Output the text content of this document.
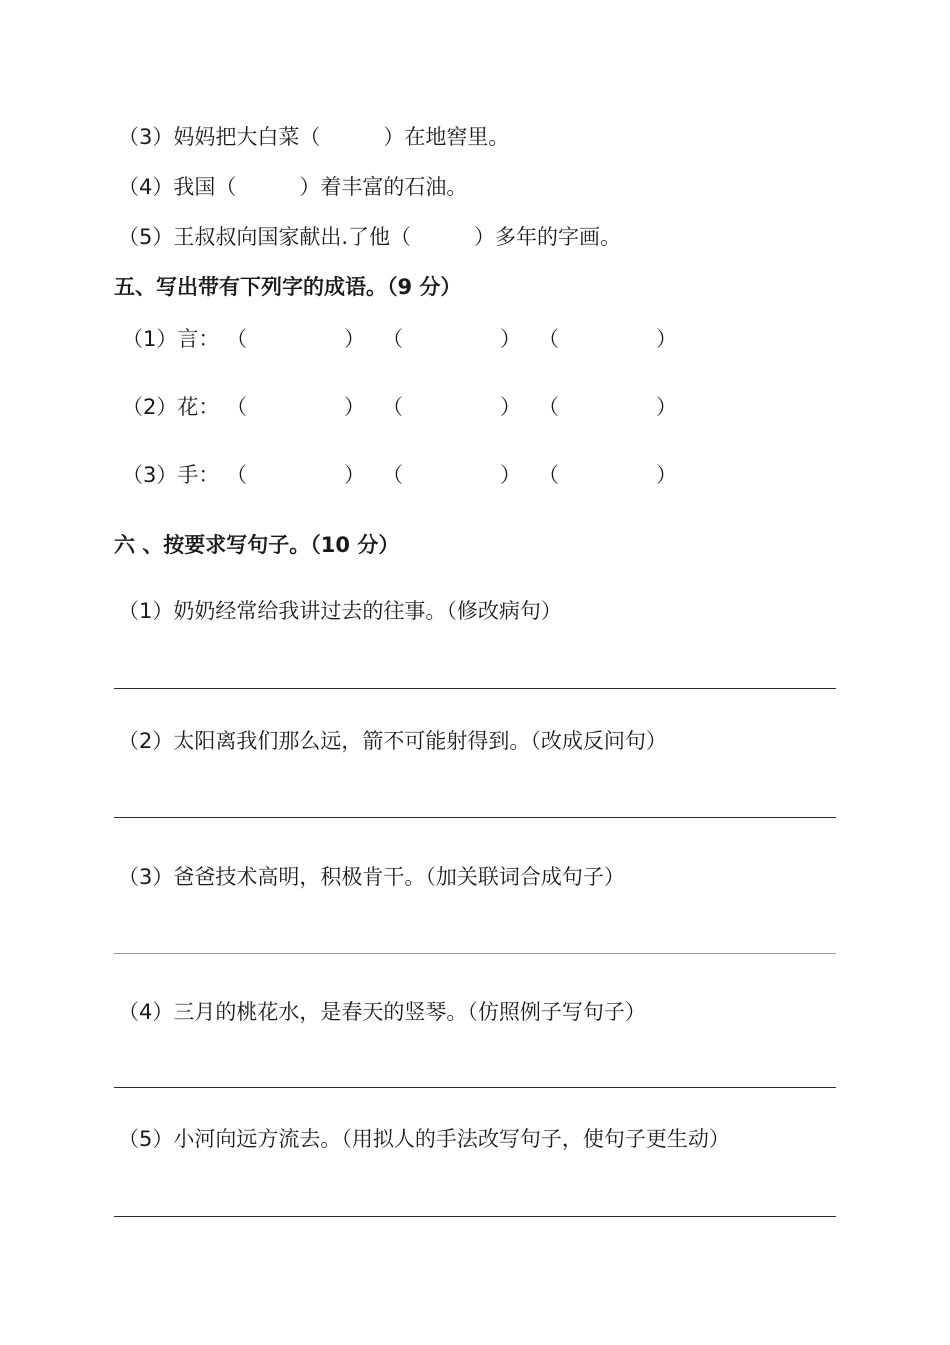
（3）妈妈把大白菜（　　　）在地窖里。
（4）我国（　　　）着丰富的石油。
（5）王叔叔向国家献出.了他（　　　）多年的字画。
五、写出带有下列字的成语。（9 分）
（1）言： （	） （	） （	）
（2）花： （	） （	） （	）
（3）手： （	） （	） （	）
六 、按要求写句子。（10 分）
（1）奶奶经常给我讲过去的往事。（修改病句）
（2）太阳离我们那么远，箭不可能射得到。（改成反问句）
（3）爸爸技术高明，积极肯干。（加关联词合成句子）
（4）三月的桃花水，是春天的竖琴。（仿照例子写句子）
（5）小河向远方流去。（用拟人的手法改写句子，使句子更生动）
